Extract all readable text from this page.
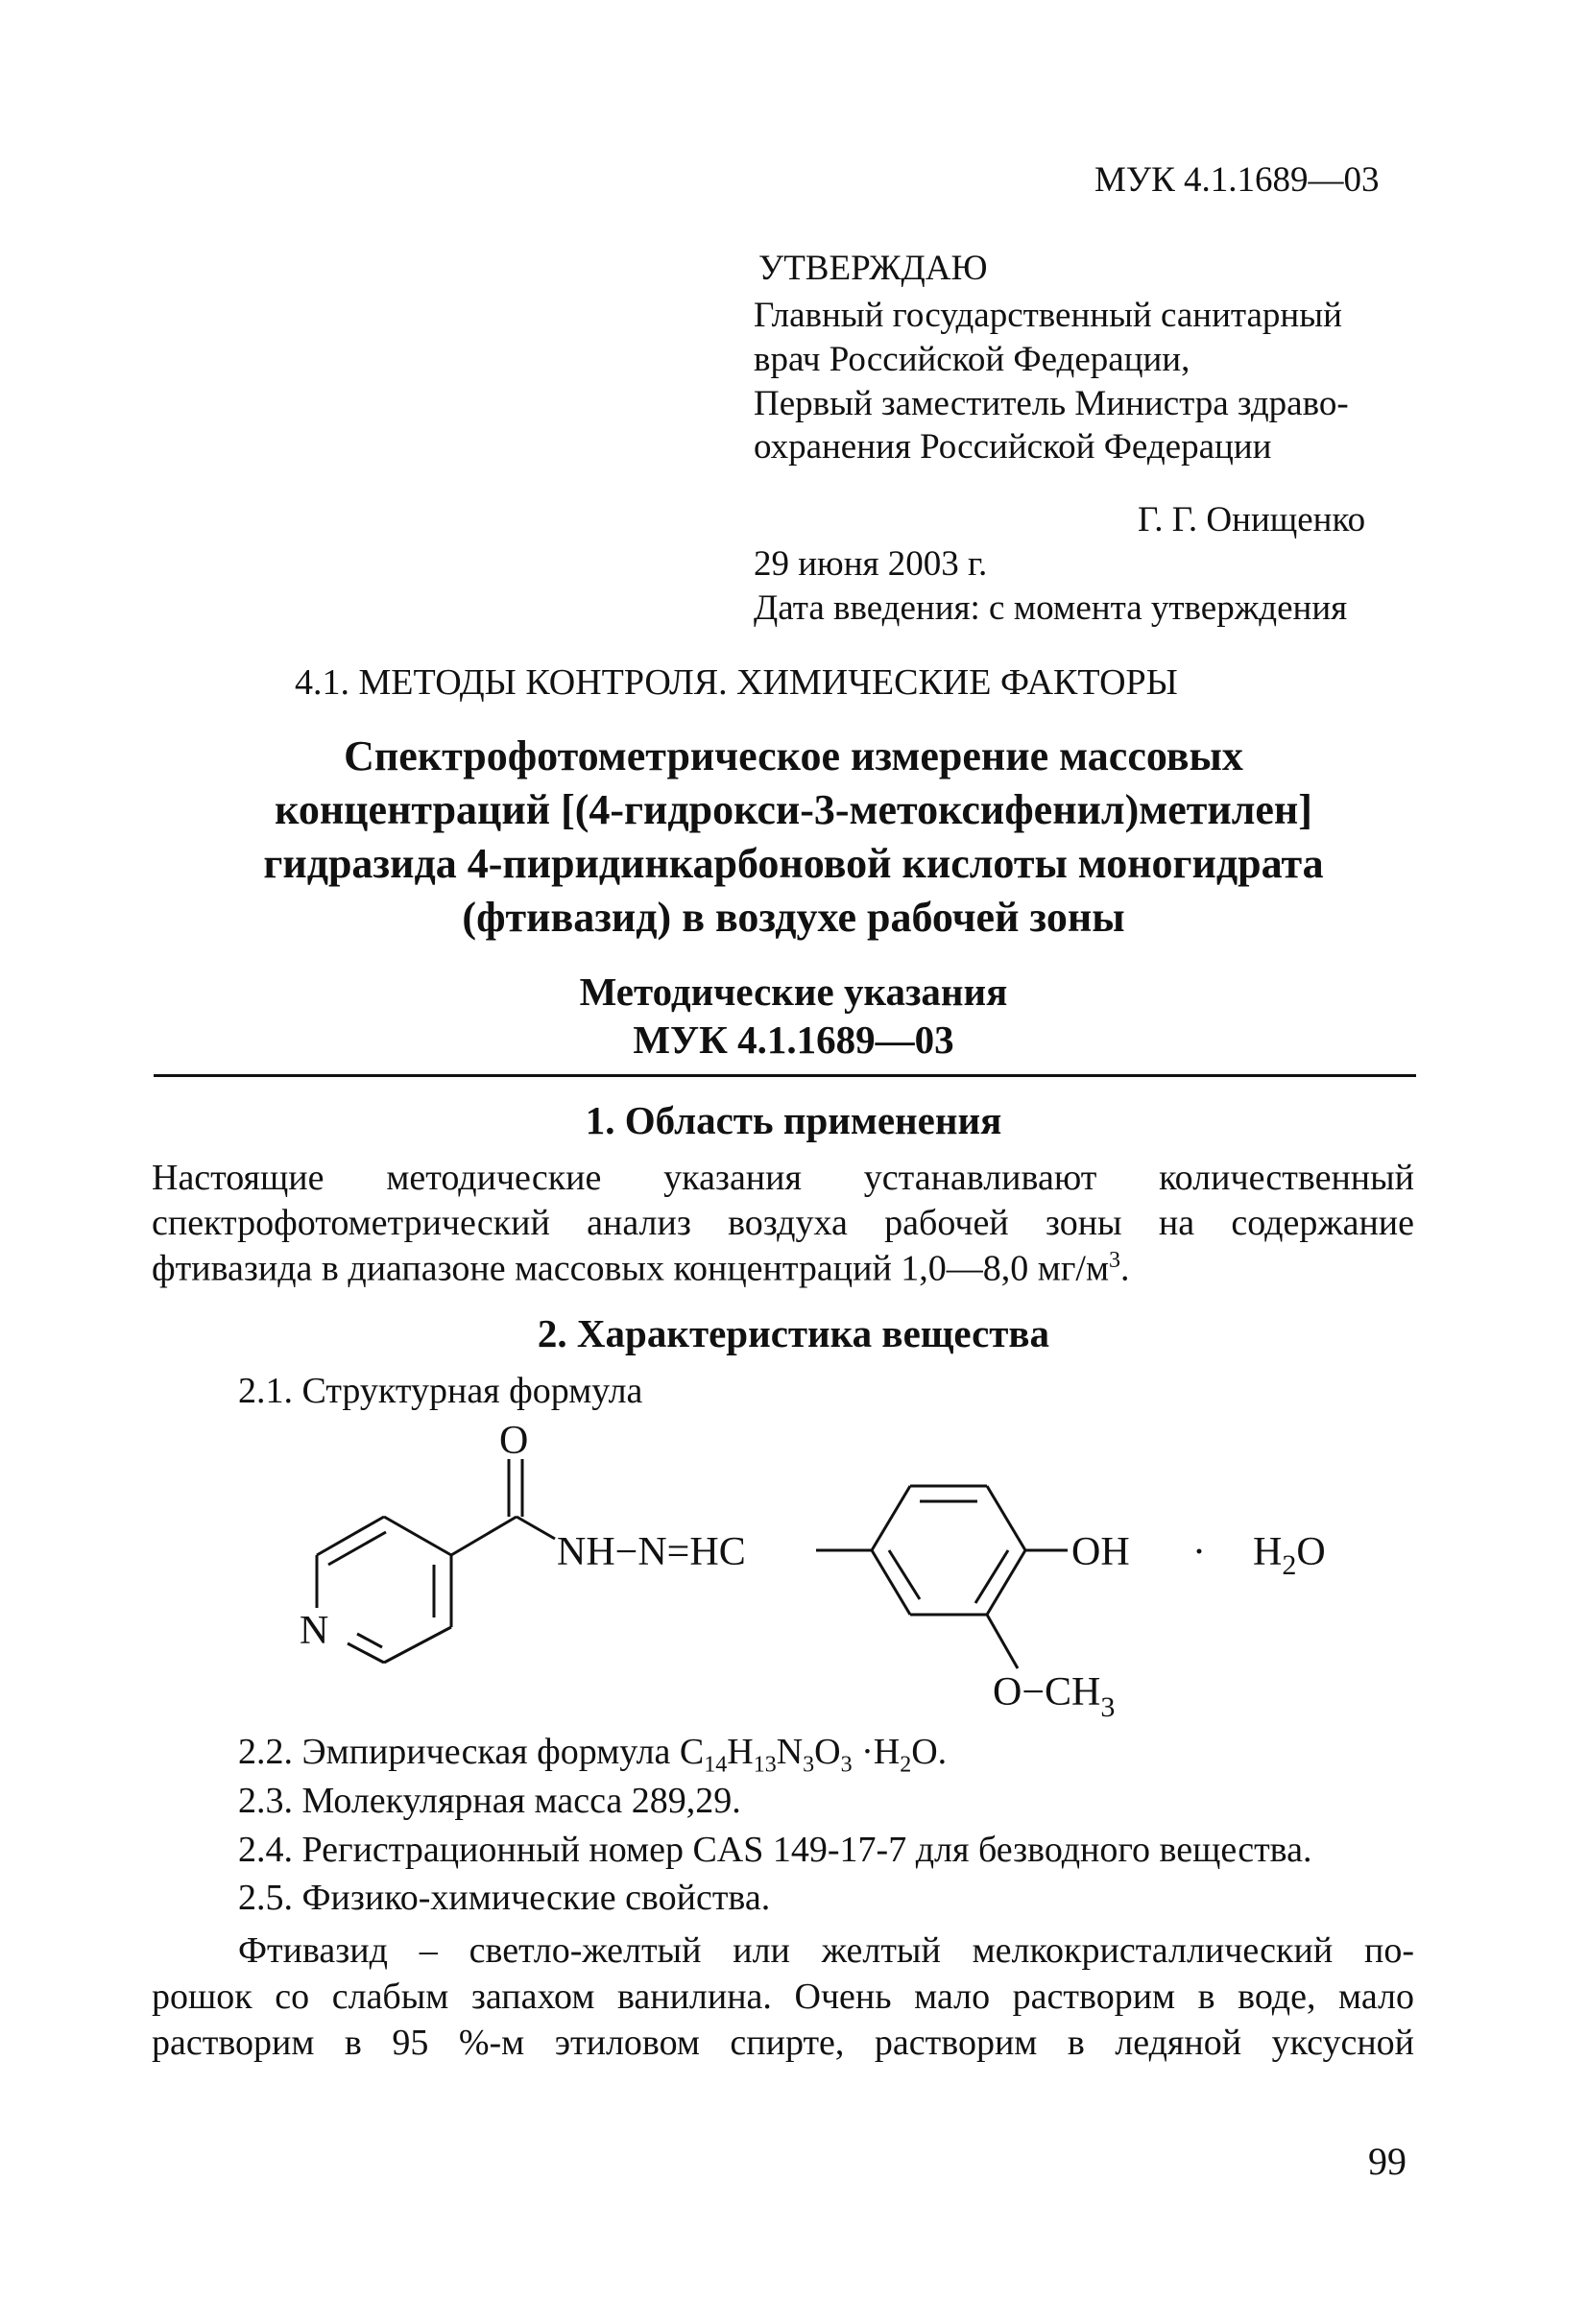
МУК 4.1.1689—03
УТВЕРЖДАЮ
Главный государственный санитарный
врач Российской Федерации,
Первый заместитель Министра здраво-
охранения Российской Федерации
Г. Г. Онищенко
29 июня 2003 г.
Дата введения: с момента утверждения
4.1. МЕТОДЫ КОНТРОЛЯ. ХИМИЧЕСКИЕ ФАКТОРЫ
Спектрофотометрическое измерение массовых
концентраций [(4-гидрокси-3-метоксифенил)метилен]
гидразида 4-пиридинкарбоновой кислоты моногидрата
(фтивазид) в воздухе рабочей зоны
Методические указания
МУК 4.1.1689—03
1. Область применения
Настоящие методические указания устанавливают количественный
спектрофотометрический анализ воздуха рабочей зоны на содержание
фтивазида в диапазоне массовых концентраций 1,0—8,0 $мг/м^3$.
2. Характеристика вещества
2.1. Структурная формула
O
NH−N=HC
N
OH · $H_2O$
$O-CH_3$
2.2. Эмпирическая формула $C_{14}H_{13}N_3O_3 \cdot H_2O$.
2.3. Молекулярная масса 289,29.
2.4. Регистрационный номер CAS 149-17-7 для безводного вещества.
2.5. Физико-химические свойства.
Фтивазид – светло-желтый или желтый мелкокристаллический по-
рошок со слабым запахом ванилина. Очень мало растворим в воде, мало
растворим в 95 %-м этиловом спирте, растворим в ледяной уксусной
99
